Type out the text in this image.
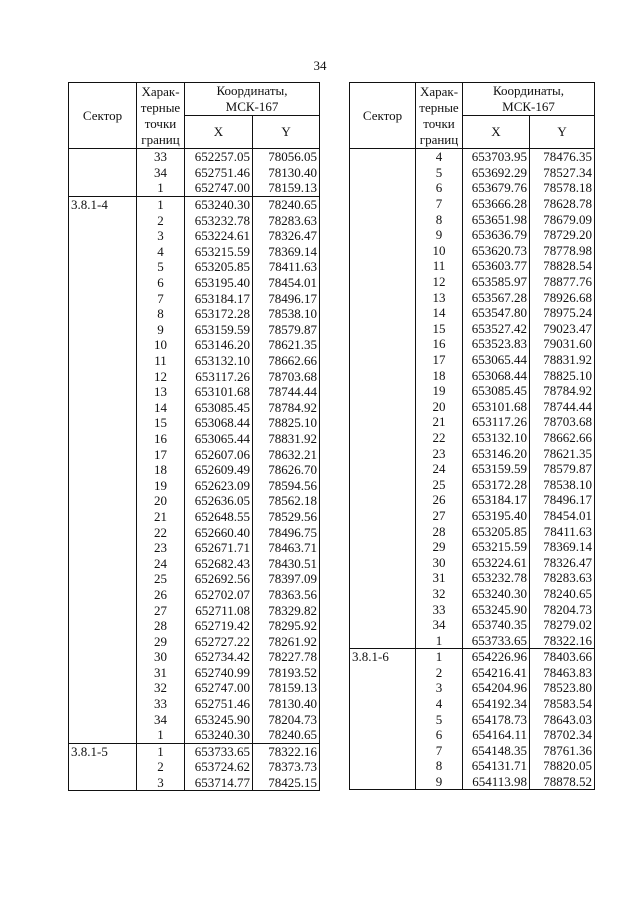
34
Сектор	Харак-
терные
точки
границ	Координаты,
МСК-167	
		X	Y
	33	652257.05	78056.05
	34	652751.46	78130.40
	1	652747.00	78159.13
3.8.1-4	1	653240.30	78240.65
	2	653232.78	78283.63
	3	653224.61	78326.47
	4	653215.59	78369.14
	5	653205.85	78411.63
	6	653195.40	78454.01
	7	653184.17	78496.17
	8	653172.28	78538.10
	9	653159.59	78579.87
	10	653146.20	78621.35
	11	653132.10	78662.66
	12	653117.26	78703.68
	13	653101.68	78744.44
	14	653085.45	78784.92
	15	653068.44	78825.10
	16	653065.44	78831.92
	17	652607.06	78632.21
	18	652609.49	78626.70
	19	652623.09	78594.56
	20	652636.05	78562.18
	21	652648.55	78529.56
	22	652660.40	78496.75
	23	652671.71	78463.71
	24	652682.43	78430.51
	25	652692.56	78397.09
	26	652702.07	78363.56
	27	652711.08	78329.82
	28	652719.42	78295.92
	29	652727.22	78261.92
	30	652734.42	78227.78
	31	652740.99	78193.52
	32	652747.00	78159.13
	33	652751.46	78130.40
	34	653245.90	78204.73
	1	653240.30	78240.65
3.8.1-5	1	653733.65	78322.16
	2	653724.62	78373.73
	3	653714.77	78425.15
Сектор	Харак-
терные
точки
границ	Координаты,
МСК-167	
		X	Y
	4	653703.95	78476.35
	5	653692.29	78527.34
	6	653679.76	78578.18
	7	653666.28	78628.78
	8	653651.98	78679.09
	9	653636.79	78729.20
	10	653620.73	78778.98
	11	653603.77	78828.54
	12	653585.97	78877.76
	13	653567.28	78926.68
	14	653547.80	78975.24
	15	653527.42	79023.47
	16	653523.83	79031.60
	17	653065.44	78831.92
	18	653068.44	78825.10
	19	653085.45	78784.92
	20	653101.68	78744.44
	21	653117.26	78703.68
	22	653132.10	78662.66
	23	653146.20	78621.35
	24	653159.59	78579.87
	25	653172.28	78538.10
	26	653184.17	78496.17
	27	653195.40	78454.01
	28	653205.85	78411.63
	29	653215.59	78369.14
	30	653224.61	78326.47
	31	653232.78	78283.63
	32	653240.30	78240.65
	33	653245.90	78204.73
	34	653740.35	78279.02
	1	653733.65	78322.16
3.8.1-6	1	654226.96	78403.66
	2	654216.41	78463.83
	3	654204.96	78523.80
	4	654192.34	78583.54
	5	654178.73	78643.03
	6	654164.11	78702.34
	7	654148.35	78761.36
	8	654131.71	78820.05
	9	654113.98	78878.52
